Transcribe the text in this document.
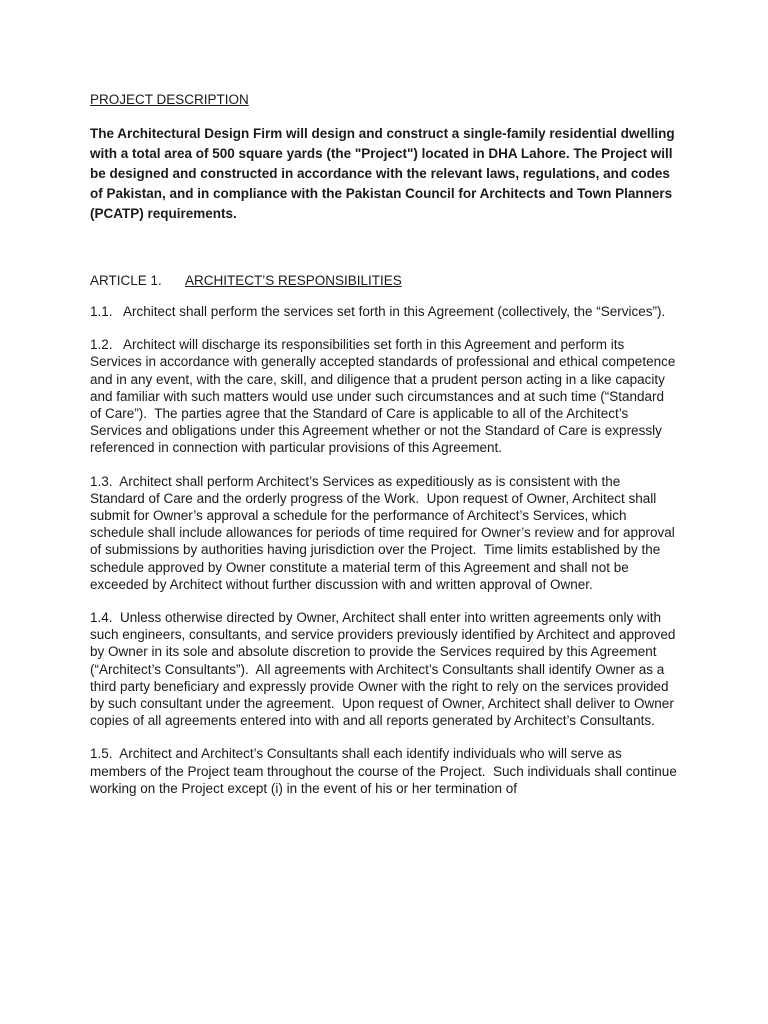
PROJECT DESCRIPTION

The Architectural Design Firm will design and construct a single-family residential dwelling with a total area of 500 square yards (the "Project") located in DHA Lahore. The Project will be designed and constructed in accordance with the relevant laws, regulations, and codes of Pakistan, and in compliance with the Pakistan Council for Architects and Town Planners (PCATP) requirements.

ARTICLE 1.	ARCHITECT’S RESPONSIBILITIES

1.1.   Architect shall perform the services set forth in this Agreement (collectively, the “Services”).

1.2.   Architect will discharge its responsibilities set forth in this Agreement and perform its Services in accordance with generally accepted standards of professional and ethical competence and in any event, with the care, skill, and diligence that a prudent person acting in a like capacity and familiar with such matters would use under such circumstances and at such time (“Standard of Care”).  The parties agree that the Standard of Care is applicable to all of the Architect’s Services and obligations under this Agreement whether or not the Standard of Care is expressly referenced in connection with particular provisions of this Agreement.

1.3.  Architect shall perform Architect’s Services as expeditiously as is consistent with the Standard of Care and the orderly progress of the Work.  Upon request of Owner, Architect shall submit for Owner’s approval a schedule for the performance of Architect’s Services, which schedule shall include allowances for periods of time required for Owner’s review and for approval of submissions by authorities having jurisdiction over the Project.  Time limits established by the schedule approved by Owner constitute a material term of this Agreement and shall not be exceeded by Architect without further discussion with and written approval of Owner.

1.4.  Unless otherwise directed by Owner, Architect shall enter into written agreements only with such engineers, consultants, and service providers previously identified by Architect and approved by Owner in its sole and absolute discretion to provide the Services required by this Agreement (“Architect’s Consultants”).  All agreements with Architect’s Consultants shall identify Owner as a third party beneficiary and expressly provide Owner with the right to rely on the services provided by such consultant under the agreement.  Upon request of Owner, Architect shall deliver to Owner copies of all agreements entered into with and all reports generated by Architect’s Consultants.

1.5.  Architect and Architect’s Consultants shall each identify individuals who will serve as members of the Project team throughout the course of the Project.  Such individuals shall continue working on the Project except (i) in the event of his or her termination of
